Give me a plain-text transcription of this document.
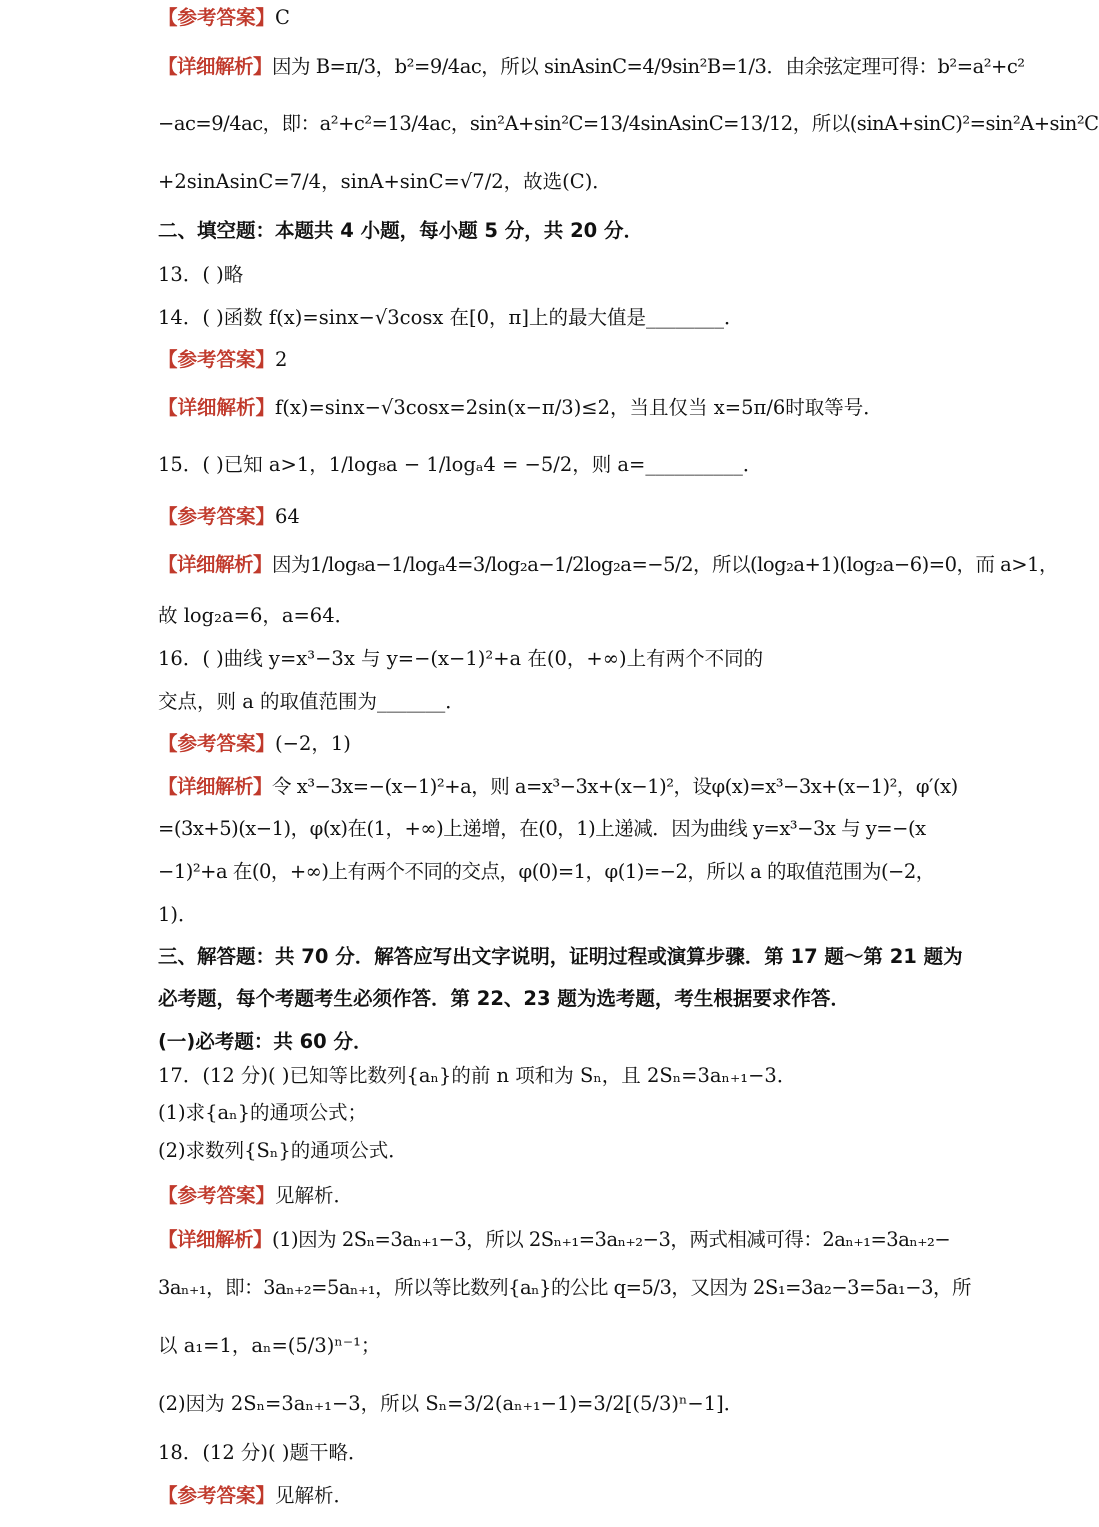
【参考答案】C
【详细解析】因为 B=π/3，b²=9/4ac，所以 sinAsinC=4/9sin²B=1/3．由余弦定理可得：b²=a²+c²
−ac=9/4ac，即：a²+c²=13/4ac，sin²A+sin²C=13/4sinAsinC=13/12，所以(sinA+sinC)²=sin²A+sin²C
+2sinAsinC=7/4，sinA+sinC=√7/2，故选(C)．
二、填空题：本题共 4 小题，每小题 5 分，共 20 分．
13．( )略
14．( )函数 f(x)=sinx−√3cosx 在[0，π]上的最大值是________．
【参考答案】2
【详细解析】f(x)=sinx−√3cosx=2sin(x−π/3)≤2，当且仅当 x=5π/6时取等号．
15．( )已知 a>1，1/log₈a − 1/logₐ4 = −5/2，则 a=__________．
【参考答案】64
【详细解析】因为1/log₈a−1/logₐ4=3/log₂a−1/2log₂a=−5/2，所以(log₂a+1)(log₂a−6)=0，而 a>1，
故 log₂a=6，a=64．
16．( )曲线 y=x³−3x 与 y=−(x−1)²+a 在(0，+∞)上有两个不同的
交点，则 a 的取值范围为_______．
【参考答案】(−2，1)
【详细解析】令 x³−3x=−(x−1)²+a，则 a=x³−3x+(x−1)²，设φ(x)=x³−3x+(x−1)²，φ′(x)
=(3x+5)(x−1)，φ(x)在(1，+∞)上递增，在(0，1)上递减．因为曲线 y=x³−3x 与 y=−(x
−1)²+a 在(0，+∞)上有两个不同的交点，φ(0)=1，φ(1)=−2，所以 a 的取值范围为(−2，
1)．
三、解答题：共 70 分．解答应写出文字说明，证明过程或演算步骤．第 17 题～第 21 题为
必考题，每个考题考生必须作答．第 22、23 题为选考题，考生根据要求作答．
(一)必考题：共 60 分．
17．(12 分)( )已知等比数列{aₙ}的前 n 项和为 Sₙ，且 2Sₙ=3aₙ₊₁−3．
(1)求{aₙ}的通项公式；
(2)求数列{Sₙ}的通项公式．
【参考答案】见解析．
【详细解析】(1)因为 2Sₙ=3aₙ₊₁−3，所以 2Sₙ₊₁=3aₙ₊₂−3，两式相减可得：2aₙ₊₁=3aₙ₊₂−
3aₙ₊₁，即：3aₙ₊₂=5aₙ₊₁，所以等比数列{aₙ}的公比 q=5/3，又因为 2S₁=3a₂−3=5a₁−3，所
以 a₁=1，aₙ=(5/3)ⁿ⁻¹；
(2)因为 2Sₙ=3aₙ₊₁−3，所以 Sₙ=3/2(aₙ₊₁−1)=3/2[(5/3)ⁿ−1]．
18．(12 分)( )题干略．
【参考答案】见解析．
